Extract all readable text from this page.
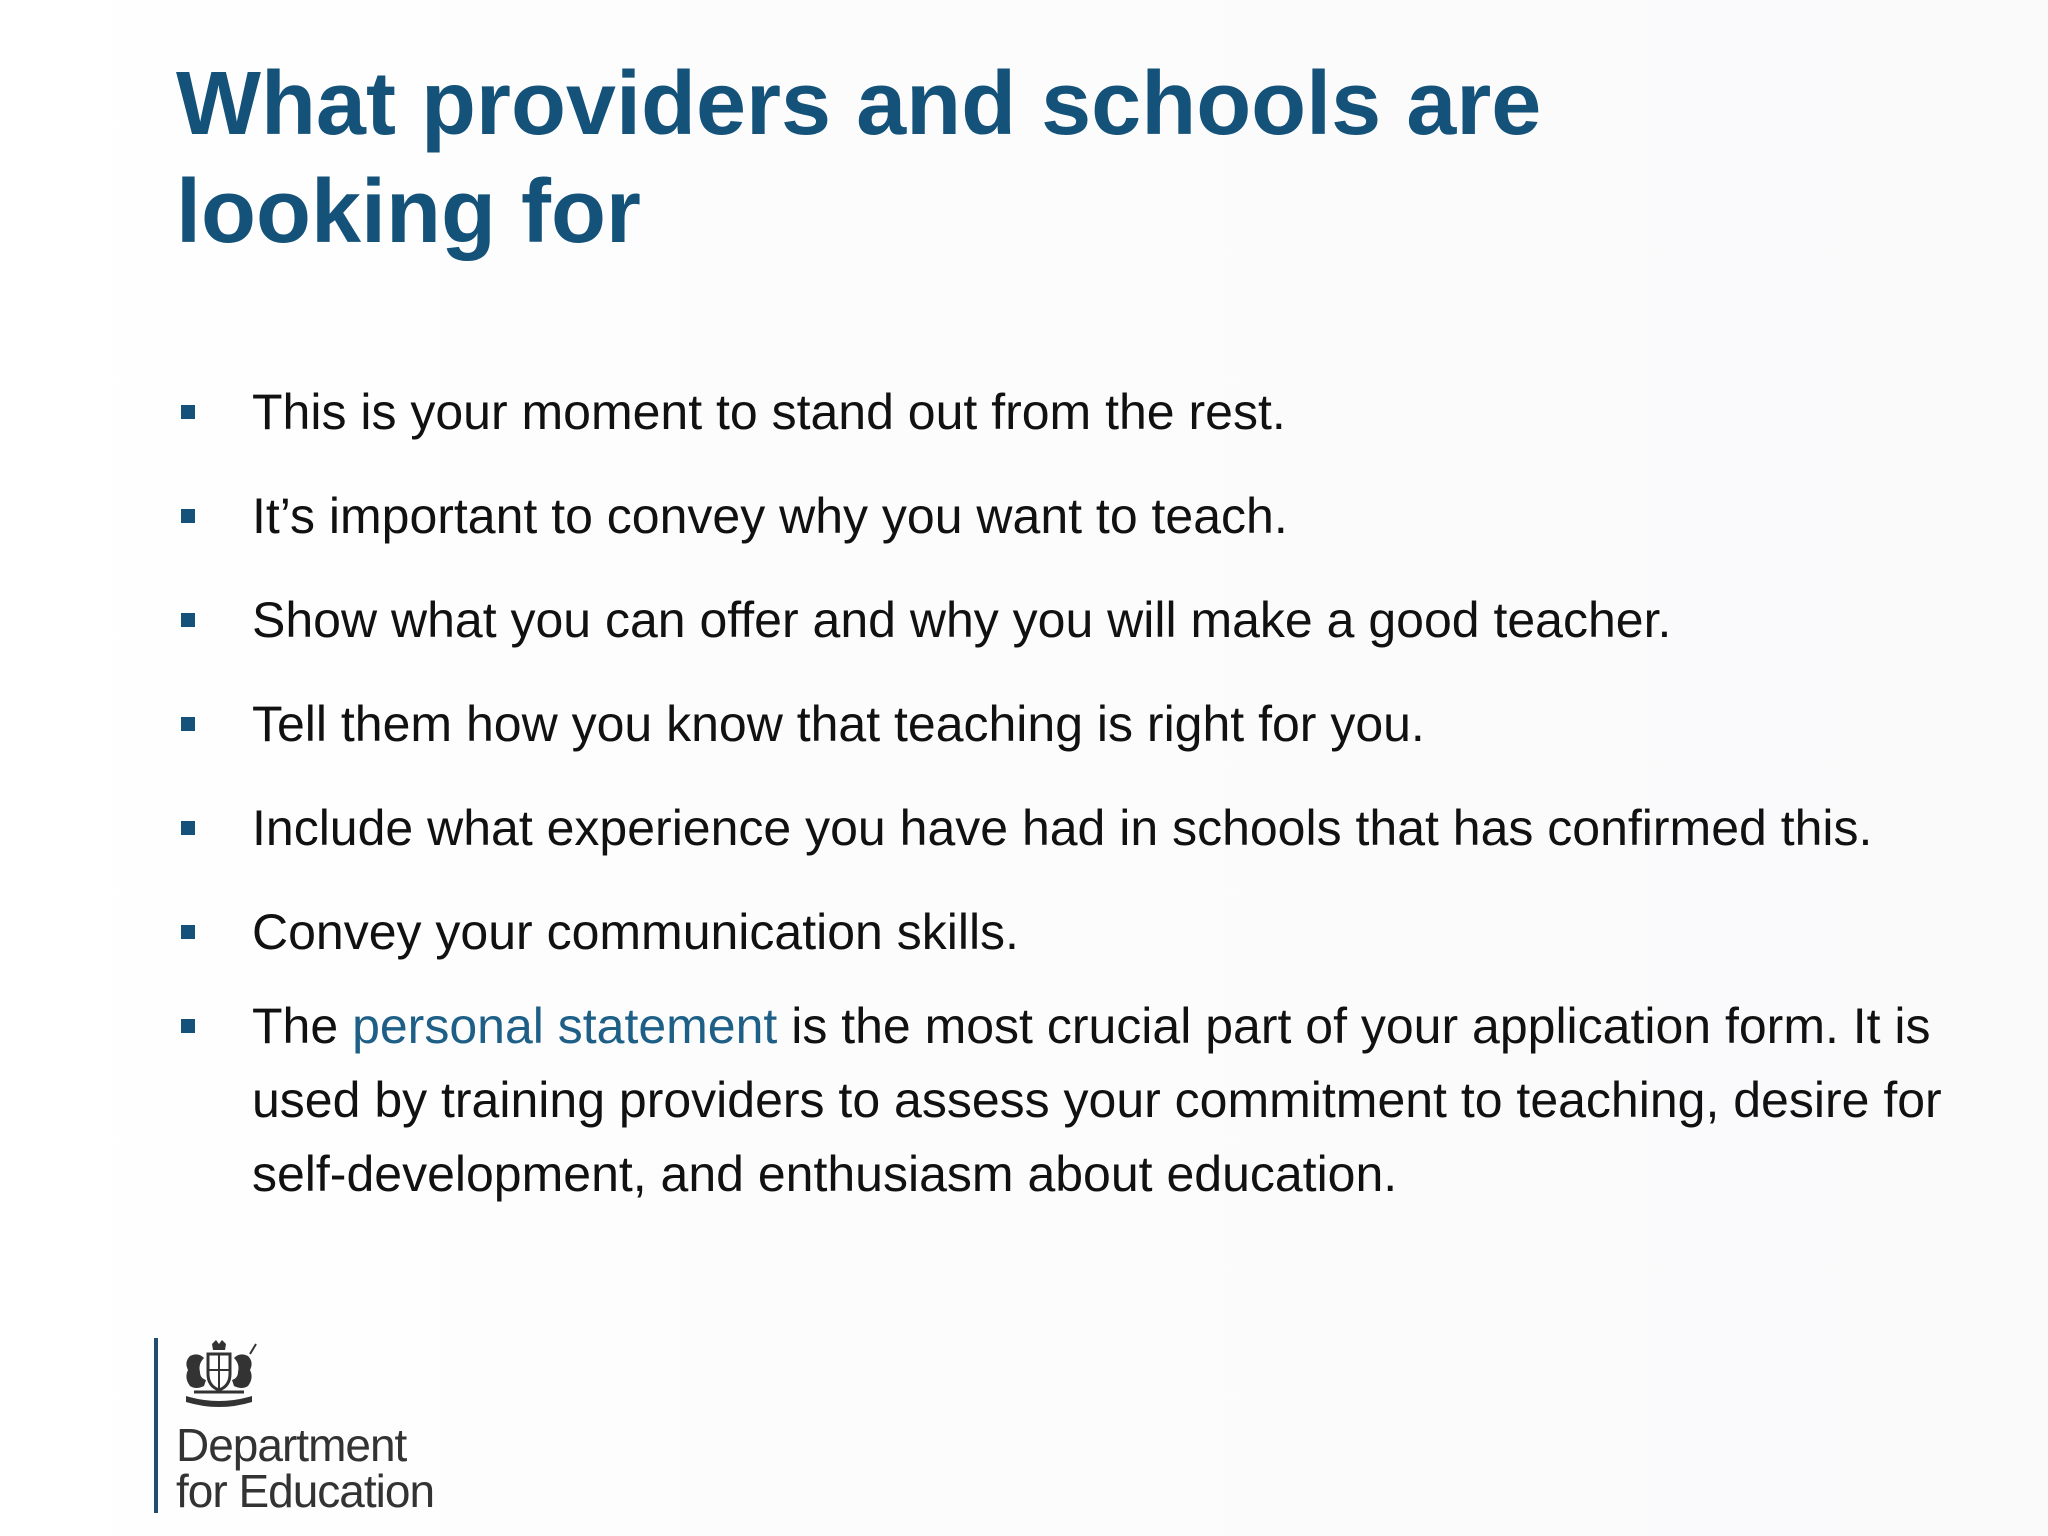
What providers and schools are looking for
This is your moment to stand out from the rest.
It’s important to convey why you want to teach.
Show what you can offer and why you will make a good teacher.
Tell them how you know that teaching is right for you.
Include what experience you have had in schools that has confirmed this.
Convey your communication skills.
The personal statement is the most crucial part of your application form. It is used by training providers to assess your commitment to teaching, desire for self-development, and enthusiasm about education.
Department
for Education
